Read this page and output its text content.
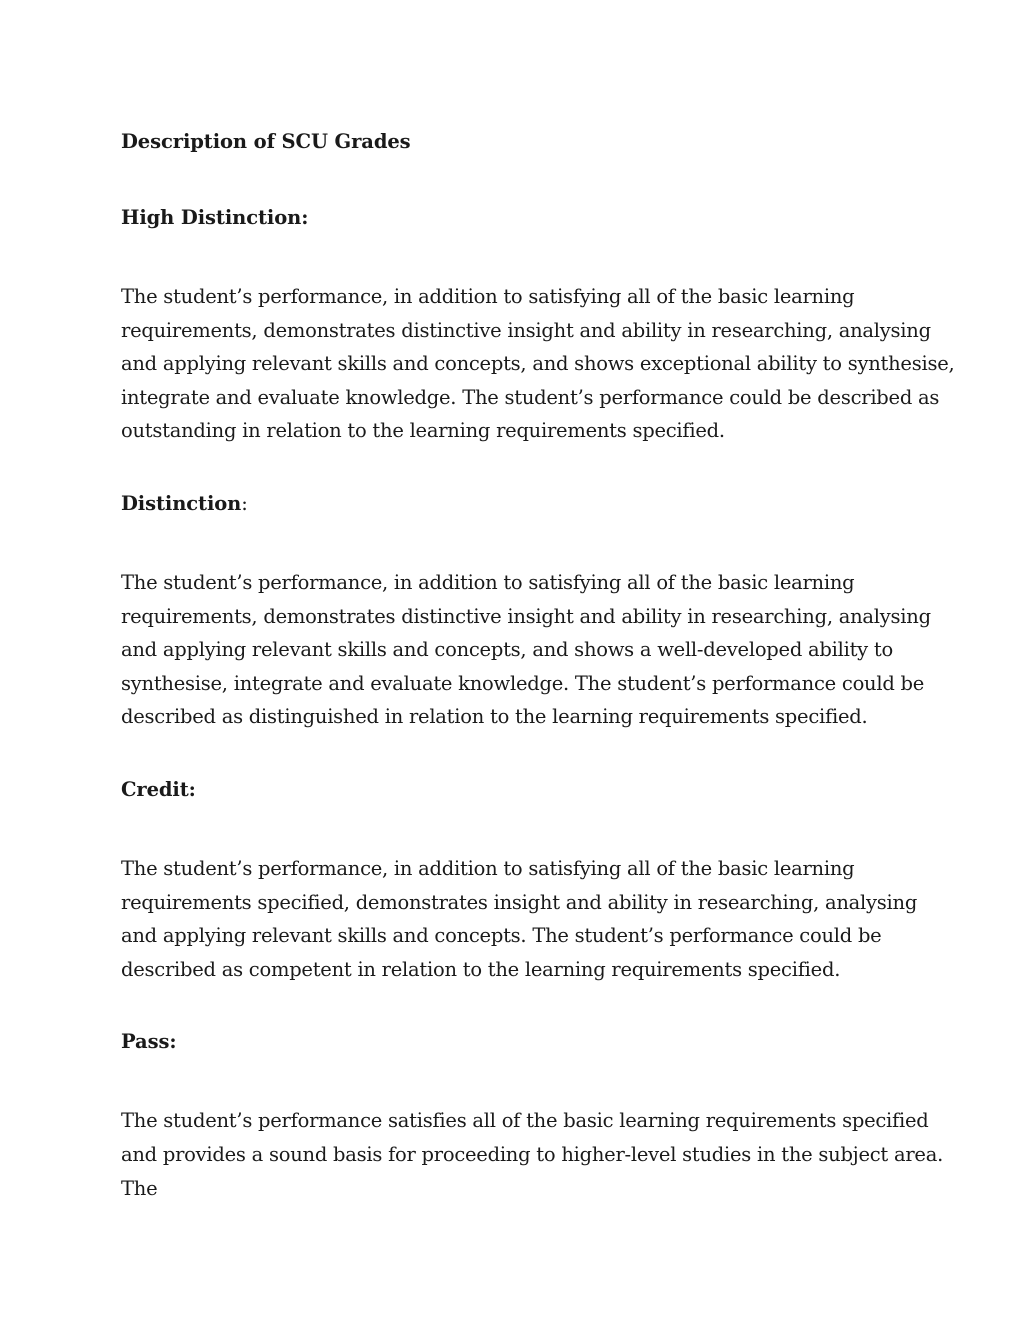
Description of SCU Grades
High Distinction:

The student’s performance, in addition to satisfying all of the basic learning
requirements, demonstrates distinctive insight and ability in researching, analysing
and applying relevant skills and concepts, and shows exceptional ability to synthesise,
integrate and evaluate knowledge. The student’s performance could be described as
outstanding in relation to the learning requirements specified.

Distinction:

The student’s performance, in addition to satisfying all of the basic learning
requirements, demonstrates distinctive insight and ability in researching, analysing
and applying relevant skills and concepts, and shows a well-developed ability to
synthesise, integrate and evaluate knowledge. The student’s performance could be
described as distinguished in relation to the learning requirements specified.

Credit:

The student’s performance, in addition to satisfying all of the basic learning
requirements specified, demonstrates insight and ability in researching, analysing
and applying relevant skills and concepts. The student’s performance could be
described as competent in relation to the learning requirements specified.

Pass:

The student’s performance satisfies all of the basic learning requirements specified
and provides a sound basis for proceeding to higher-level studies in the subject area.
The
